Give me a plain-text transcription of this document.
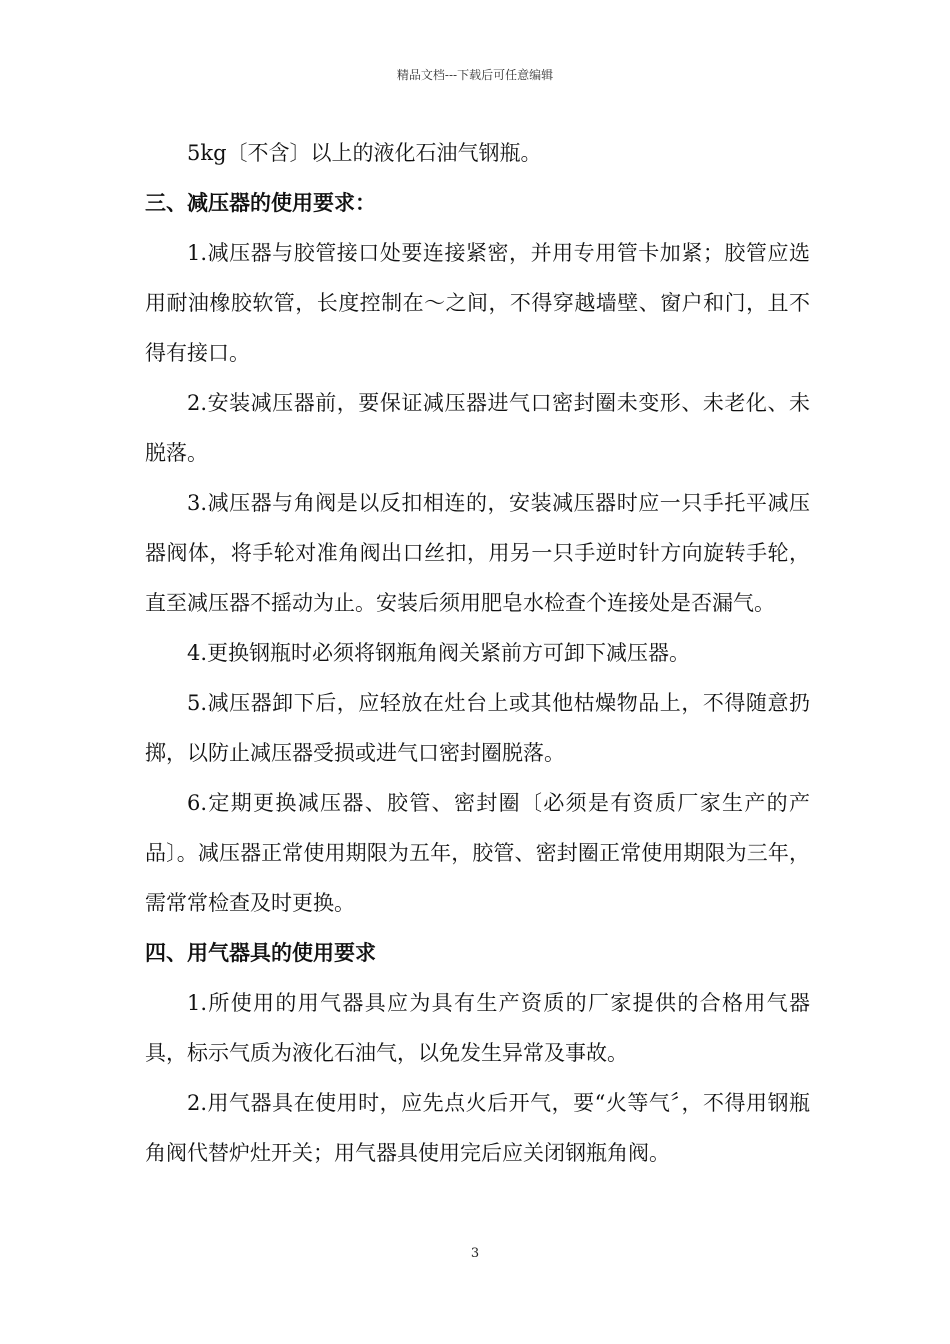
精品文档---下载后可任意编辑

5kg〔不含〕以上的液化石油气钢瓶。

三、减压器的使用要求：

1.减压器与胶管接口处要连接紧密，并用专用管卡加紧；胶管应选用耐油橡胶软管，长度控制在～之间，不得穿越墙壁、窗户和门，且不得有接口。

2.安装减压器前，要保证减压器进气口密封圈未变形、未老化、未脱落。

3.减压器与角阀是以反扣相连的，安装减压器时应一只手托平减压器阀体，将手轮对准角阀出口丝扣，用另一只手逆时针方向旋转手轮，直至减压器不摇动为止。安装后须用肥皂水检查个连接处是否漏气。

4.更换钢瓶时必须将钢瓶角阀关紧前方可卸下减压器。

5.减压器卸下后，应轻放在灶台上或其他枯燥物品上，不得随意扔掷，以防止减压器受损或进气口密封圈脱落。

6.定期更换减压器、胶管、密封圈〔必须是有资质厂家生产的产品〕。减压器正常使用期限为五年，胶管、密封圈正常使用期限为三年，需常常检查及时更换。

四、用气器具的使用要求

1.所使用的用气器具应为具有生产资质的厂家提供的合格用气器具，标示气质为液化石油气，以免发生异常及事故。

2.用气器具在使用时，应先点火后开气，要“火等气〞，不得用钢瓶角阀代替炉灶开关；用气器具使用完后应关闭钢瓶角阀。

3
